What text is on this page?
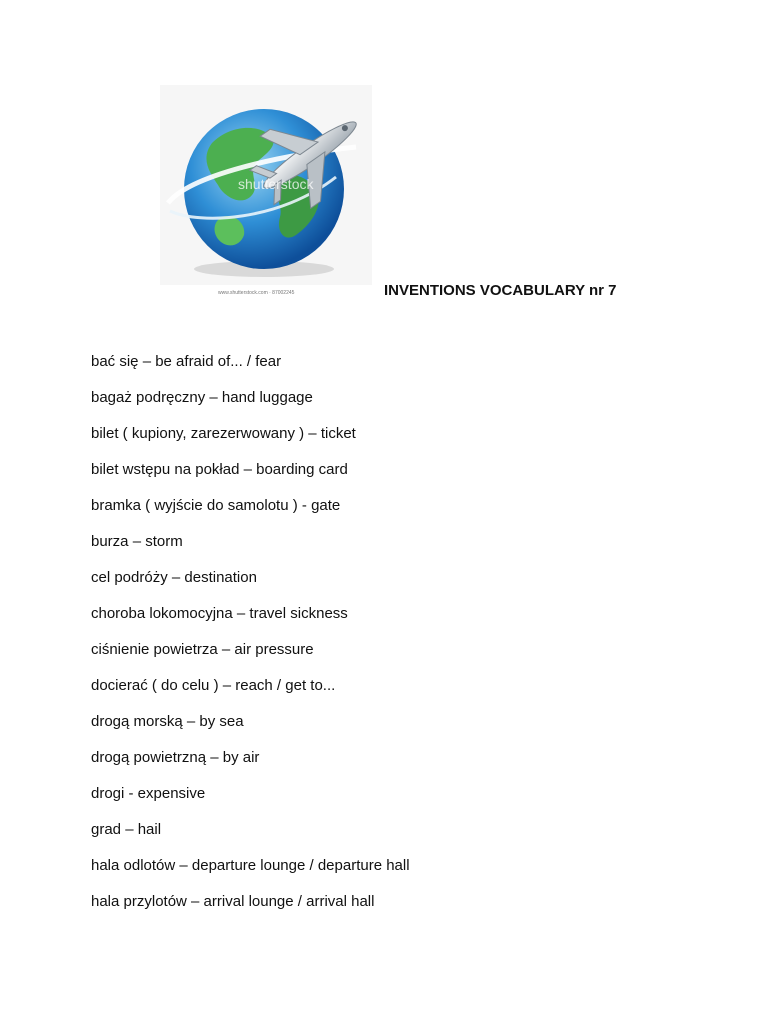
shutterstock
www.shutterstock.com · 87002245	INVENTIONS VOCABULARY nr 7
bać się – be afraid of... / fear
bagaż podręczny – hand luggage
bilet ( kupiony, zarezerwowany ) – ticket
bilet wstępu na pokład – boarding card
bramka ( wyjście do samolotu ) - gate
burza – storm
cel podróży – destination
choroba lokomocyjna – travel sickness
ciśnienie powietrza – air pressure
docierać ( do celu ) – reach / get to...
drogą morską – by sea
drogą powietrzną – by air
drogi - expensive
grad – hail
hala odlotów – departure lounge / departure hall
hala przylotów – arrival lounge / arrival hall
